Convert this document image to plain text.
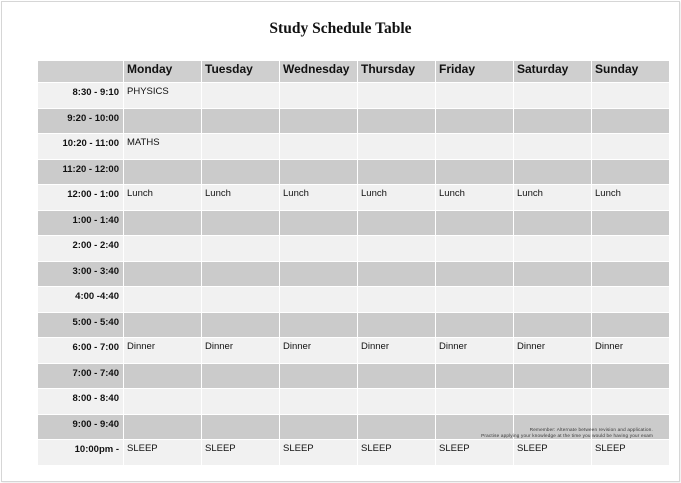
Study Schedule Table
	Monday	Tuesday	Wednesday	Thursday	Friday	Saturday	Sunday
8:30 - 9:10	PHYSICS						
9:20 - 10:00							
10:20 - 11:00	MATHS						
11:20 - 12:00							
12:00 - 1:00	Lunch	Lunch	Lunch	Lunch	Lunch	Lunch	Lunch
1:00 - 1:40							
2:00 - 2:40							
3:00 - 3:40							
4:00 -4:40							
5:00 - 5:40							
6:00 - 7:00	Dinner	Dinner	Dinner	Dinner	Dinner	Dinner	Dinner
7:00 - 7:40							
8:00 - 8:40							
9:00 - 9:40							
10:00pm -	SLEEP	SLEEP	SLEEP	SLEEP	SLEEP	SLEEP	SLEEP
Remember: Alternate between revision and application.
Practise applying your knowledge at the time you would be having your exam
